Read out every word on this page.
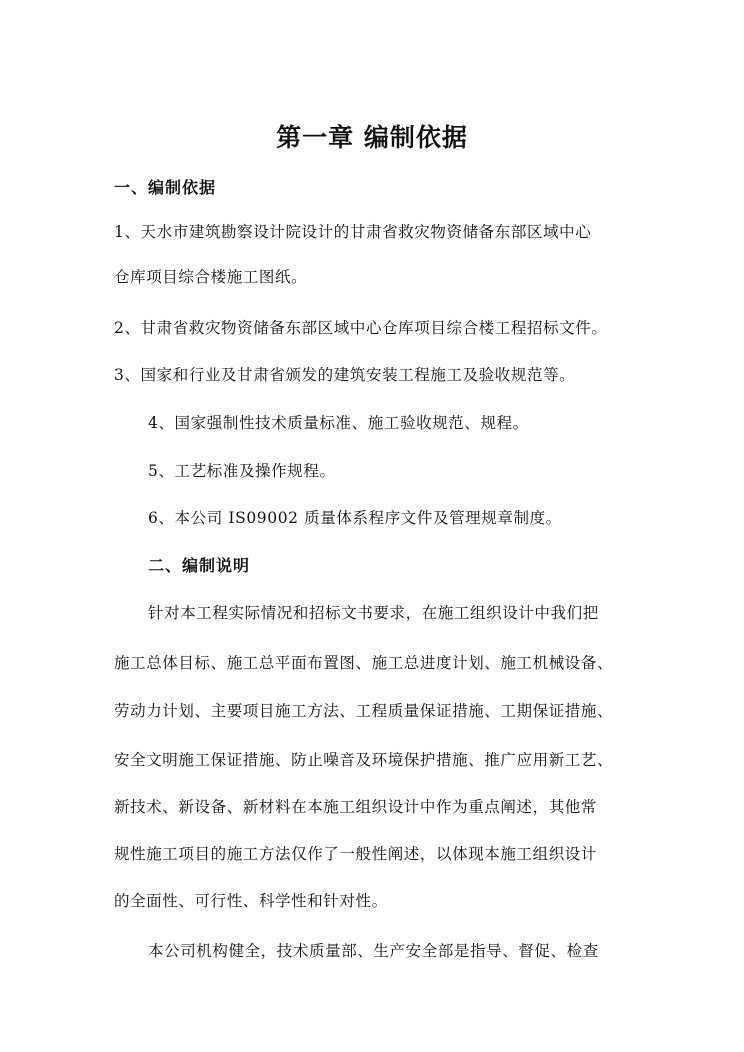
第一章 编制依据
一、编制依据
1、天水市建筑勘察设计院设计的甘肃省救灾物资储备东部区域中心
仓库项目综合楼施工图纸。
2、甘肃省救灾物资储备东部区域中心仓库项目综合楼工程招标文件。
3、国家和行业及甘肃省颁发的建筑安装工程施工及验收规范等。
4、国家强制性技术质量标准、施工验收规范、规程。
5、工艺标准及操作规程。
6、本公司 IS09002 质量体系程序文件及管理规章制度。
二、编制说明
针对本工程实际情况和招标文书要求，在施工组织设计中我们把
施工总体目标、施工总平面布置图、施工总进度计划、施工机械设备、
劳动力计划、主要项目施工方法、工程质量保证措施、工期保证措施、
安全文明施工保证措施、防止噪音及环境保护措施、推广应用新工艺、
新技术、新设备、新材料在本施工组织设计中作为重点阐述，其他常
规性施工项目的施工方法仅作了一般性阐述，以体现本施工组织设计
的全面性、可行性、科学性和针对性。
本公司机构健全，技术质量部、生产安全部是指导、督促、检查
